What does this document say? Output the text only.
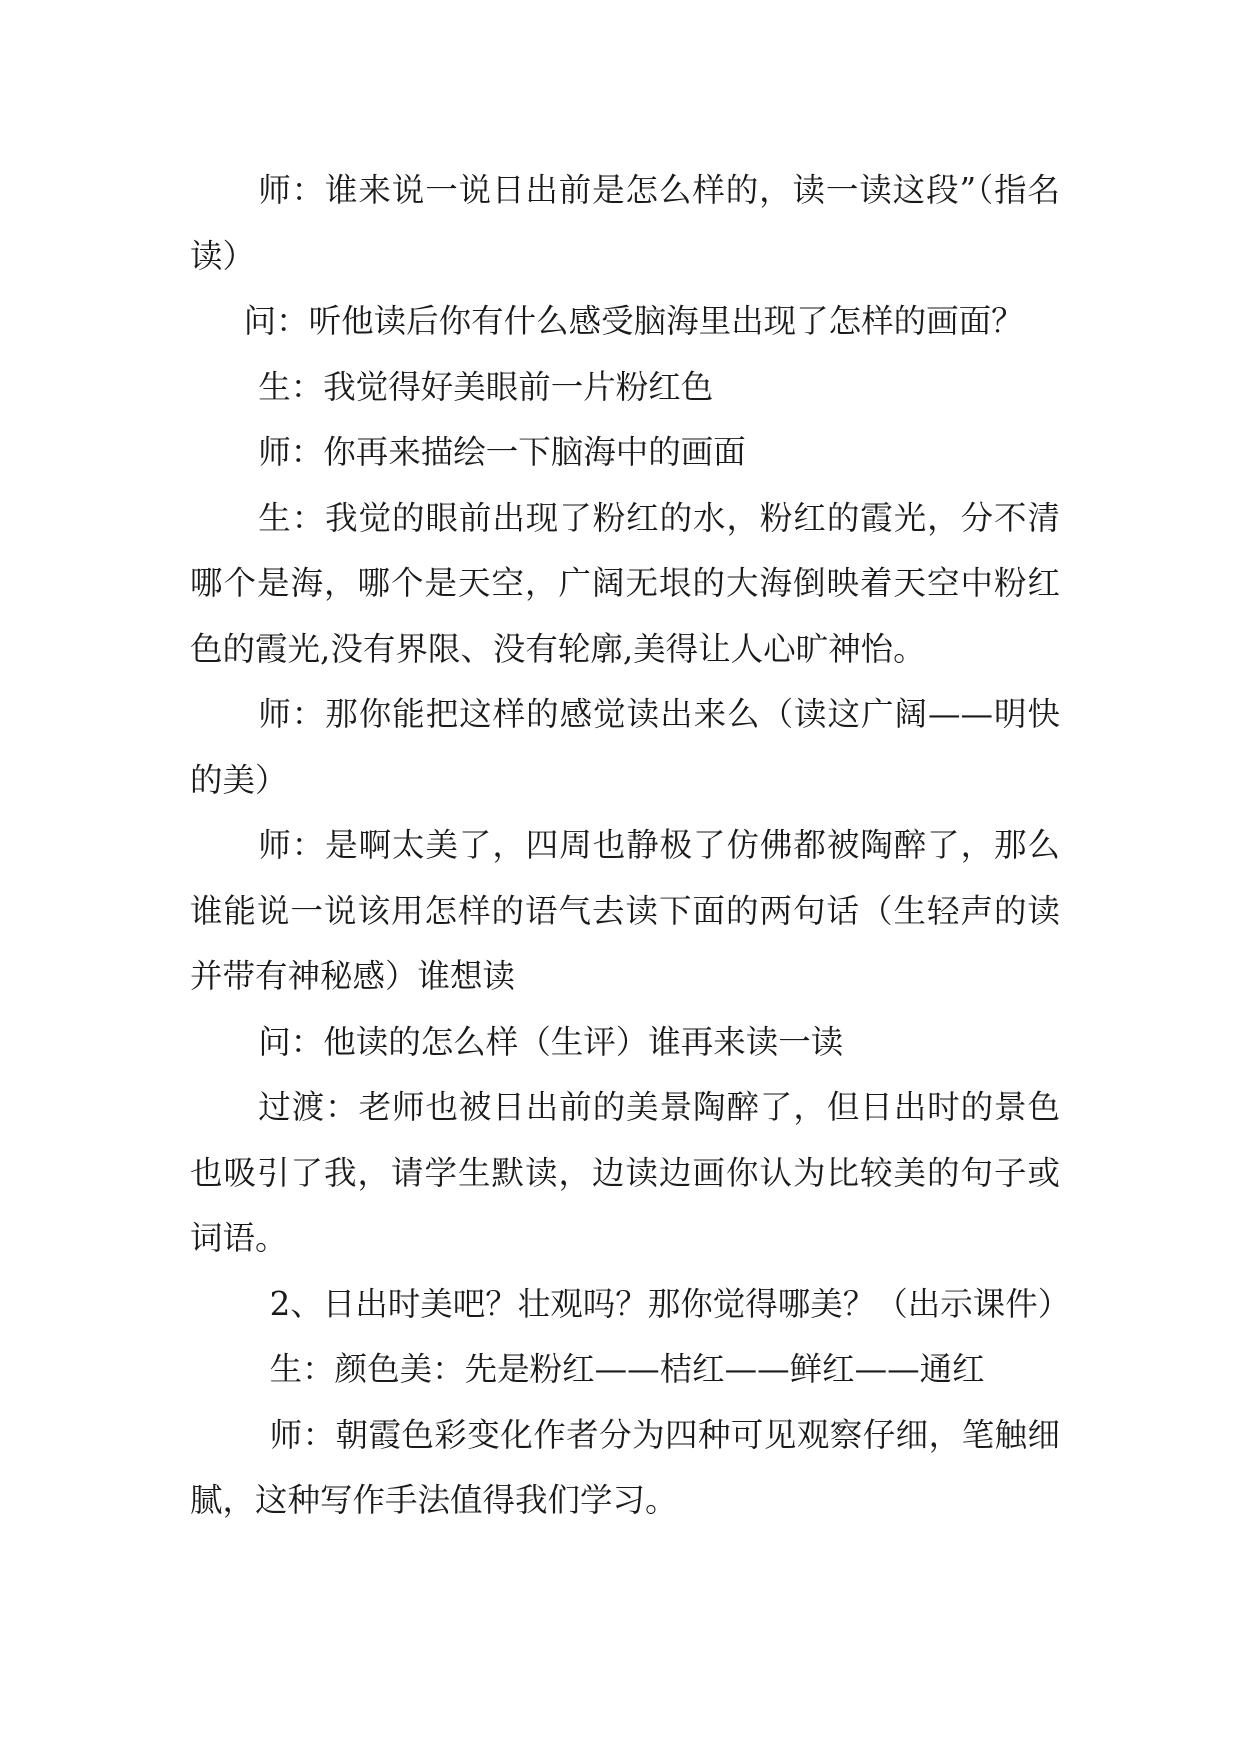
师：谁来说一说日出前是怎么样的，读一读这段”（指名读）

问：听他读后你有什么感受脑海里出现了怎样的画面？

生：我觉得好美眼前一片粉红色

师：你再来描绘一下脑海中的画面

生：我觉的眼前出现了粉红的水，粉红的霞光，分不清哪个是海，哪个是天空，广阔无垠的大海倒映着天空中粉红色的霞光,没有界限、没有轮廓,美得让人心旷神怡。

师：那你能把这样的感觉读出来么（读这广阔——明快的美）

师：是啊太美了，四周也静极了仿佛都被陶醉了，那么谁能说一说该用怎样的语气去读下面的两句话（生轻声的读并带有神秘感）谁想读

问：他读的怎么样（生评）谁再来读一读

过渡：老师也被日出前的美景陶醉了，但日出时的景色也吸引了我，请学生默读，边读边画你认为比较美的句子或词语。

2、日出时美吧？壮观吗？那你觉得哪美？（出示课件）

生：颜色美：先是粉红——桔红——鲜红——通红

师：朝霞色彩变化作者分为四种可见观察仔细，笔触细腻，这种写作手法值得我们学习。
